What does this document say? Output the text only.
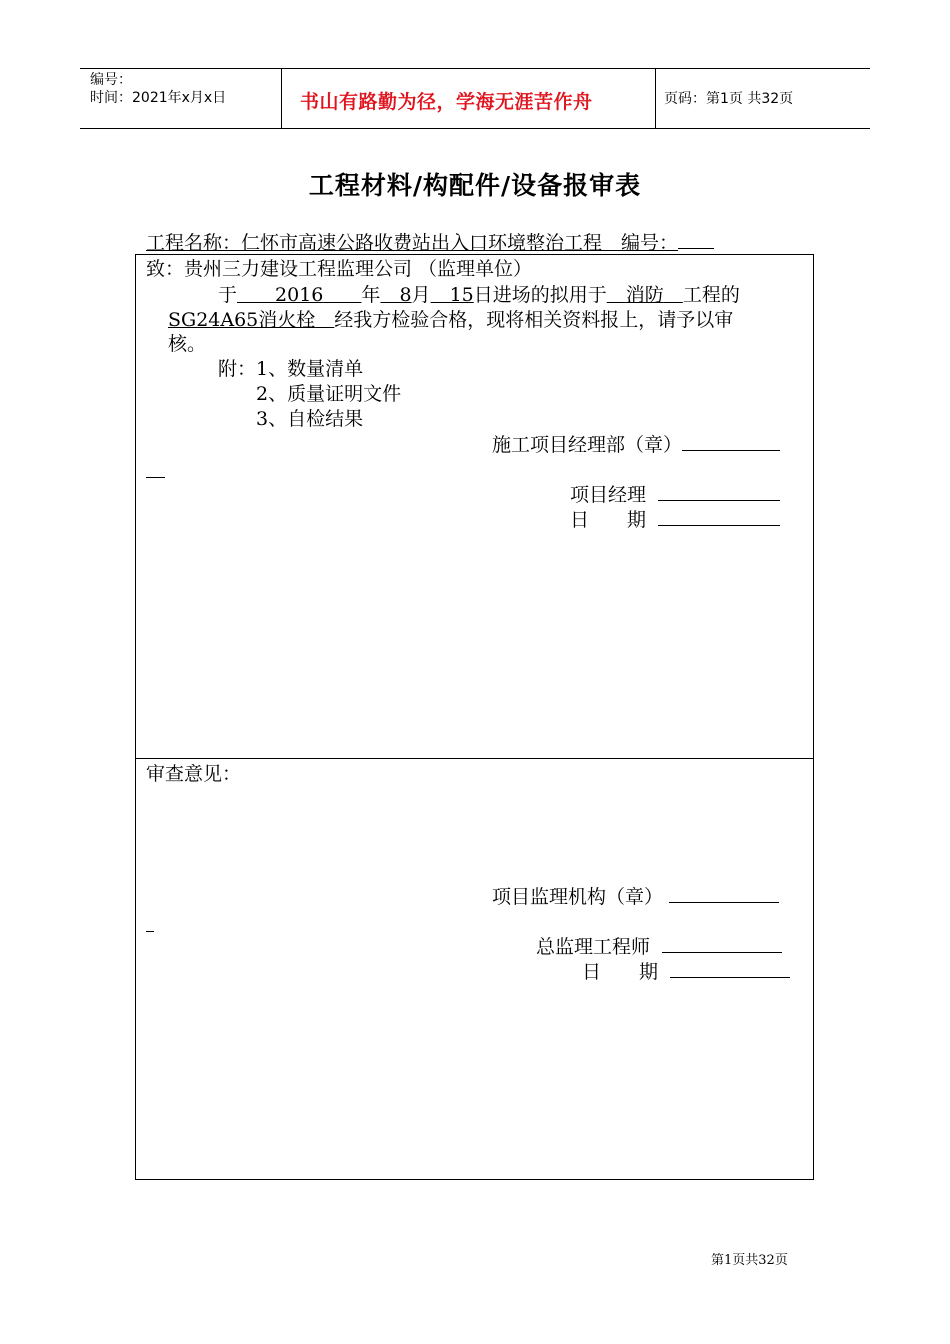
编号：
时间：2021年x月x日	书山有路勤为径，学海无涯苦作舟	页码：第1页 共32页
工程材料/构配件/设备报审表
工程名称：仁怀市高速公路收费站出入口环境整治工程　 编号：
致：贵州三力建设工程监理公司 （监理单位）
于　　 2016　　 年　 8月　 15日进场的拟用于　 消防　 工程的
SG24A65消火栓　 经我方检验合格，现将相关资料报上，请予以审
核。
附：1、数量清单
2、质量证明文件
3、自检结果
施工项目经理部（章）
项目经理
日　　期
审查意见：
项目监理机构（章）
总监理工程师
日　　期
第1页共32页
